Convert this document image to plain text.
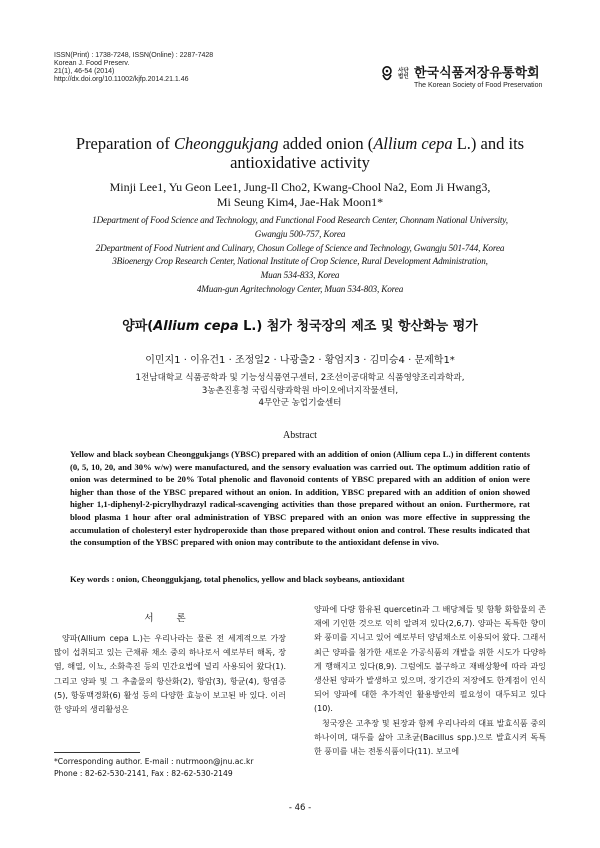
ISSN(Print) : 1738-7248, ISSN(Online) : 2287-7428
Korean J. Food Preserv.
21(1), 46-54 (2014)
http://dx.doi.org/10.11002/kjfp.2014.21.1.46
사단
법인 한국식품저장유통학회
The Korean Society of Food Preservation
Preparation of Cheonggukjang added onion (Allium cepa L.) and its
antioxidative activity
Minji Lee1, Yu Geon Lee1, Jung-Il Cho2, Kwang-Chool Na2, Eom Ji Hwang3,
Mi Seung Kim4, Jae-Hak Moon1*
1Department of Food Science and Technology, and Functional Food Research Center, Chonnam National University,
Gwangju 500-757, Korea
2Department of Food Nutrient and Culinary, Chosun College of Science and Technology, Gwangju 501-744, Korea
3Bioenergy Crop Research Center, National Institute of Crop Science, Rural Development Administration,
Muan 534-833, Korea
4Muan-gun Agritechnology Center, Muan 534-803, Korea
양파(Allium cepa L.) 첨가 청국장의 제조 및 항산화능 평가
이민지1 · 이유건1 · 조정일2 · 나광출2 · 황엄지3 · 김미승4 · 문제학1*
1전남대학교 식품공학과 및 기능성식품연구센터, 2조선이공대학교 식품영양조리과학과,
3농촌진흥청 국립식량과학원 바이오에너지작물센터,
4무안군 농업기술센터
Abstract
Yellow and black soybean Cheonggukjangs (YBSC) prepared with an addition of onion (Allium cepa L.) in different contents (0, 5, 10, 20, and 30% w/w) were manufactured, and the sensory evaluation was carried out. The optimum addition ratio of onion was determined to be 20% Total phenolic and flavonoid contents of YBSC prepared with an addition of onion were higher than those of the YBSC prepared without an onion. In addition, YBSC prepared with an addition of onion showed higher 1,1-diphenyl-2-picrylhydrazyl radical-scavenging activities than those prepared without an onion. Furthermore, rat blood plasma 1 hour after oral administration of YBSC prepared with an onion was more effective in suppressing the accumulation of cholesteryl ester hydroperoxide than those prepared without onion and control. These results indicated that the consumption of the YBSC prepared with onion may contribute to the antioxidant defense in vivo.
Key words : onion, Cheonggukjang, total phenolics, yellow and black soybeans, antioxidant
서 론

양파(Allium cepa L.)는 우리나라는 물론 전 세계적으로 가장 많이 섭취되고 있는 근채류 채소 중의 하나로서 예로부터 해독, 장염, 해열, 이뇨, 소화촉진 등의 민간요법에 널리 사용되어 왔다(1). 그리고 양파 및 그 추출물의 항산화(2), 항암(3), 항균(4), 항염증(5), 항동맥경화(6) 활성 등의 다양한 효능이 보고된 바 있다. 이러한 양파의 생리활성은

양파에 다량 함유된 quercetin과 그 배당체들 및 함황 화합물의 존재에 기인한 것으로 익히 알려져 있다(2,6,7). 양파는 독특한 향미와 풍미를 지니고 있어 예로부터 양념채소로 이용되어 왔다. 그래서 최근 양파를 첨가한 새로운 가공식품의 개발을 위한 시도가 다양하게 행해지고 있다(8,9). 그럼에도 불구하고 재배상황에 따라 과잉생산된 양파가 발생하고 있으며, 장기간의 저장에도 한계점이 인식되어 양파에 대한 추가적인 활용방안의 필요성이 대두되고 있다(10).

청국장은 고추장 및 된장과 함께 우리나라의 대표 발효식품 중의 하나이며, 대두를 삶아 고초균(Bacillus spp.)으로 발효시켜 독특한 풍미를 내는 전통식품이다(11). 보고에

*Corresponding author. E-mail : nutrmoon@jnu.ac.kr
Phone : 82-62-530-2141, Fax : 82-62-530-2149
- 46 -
